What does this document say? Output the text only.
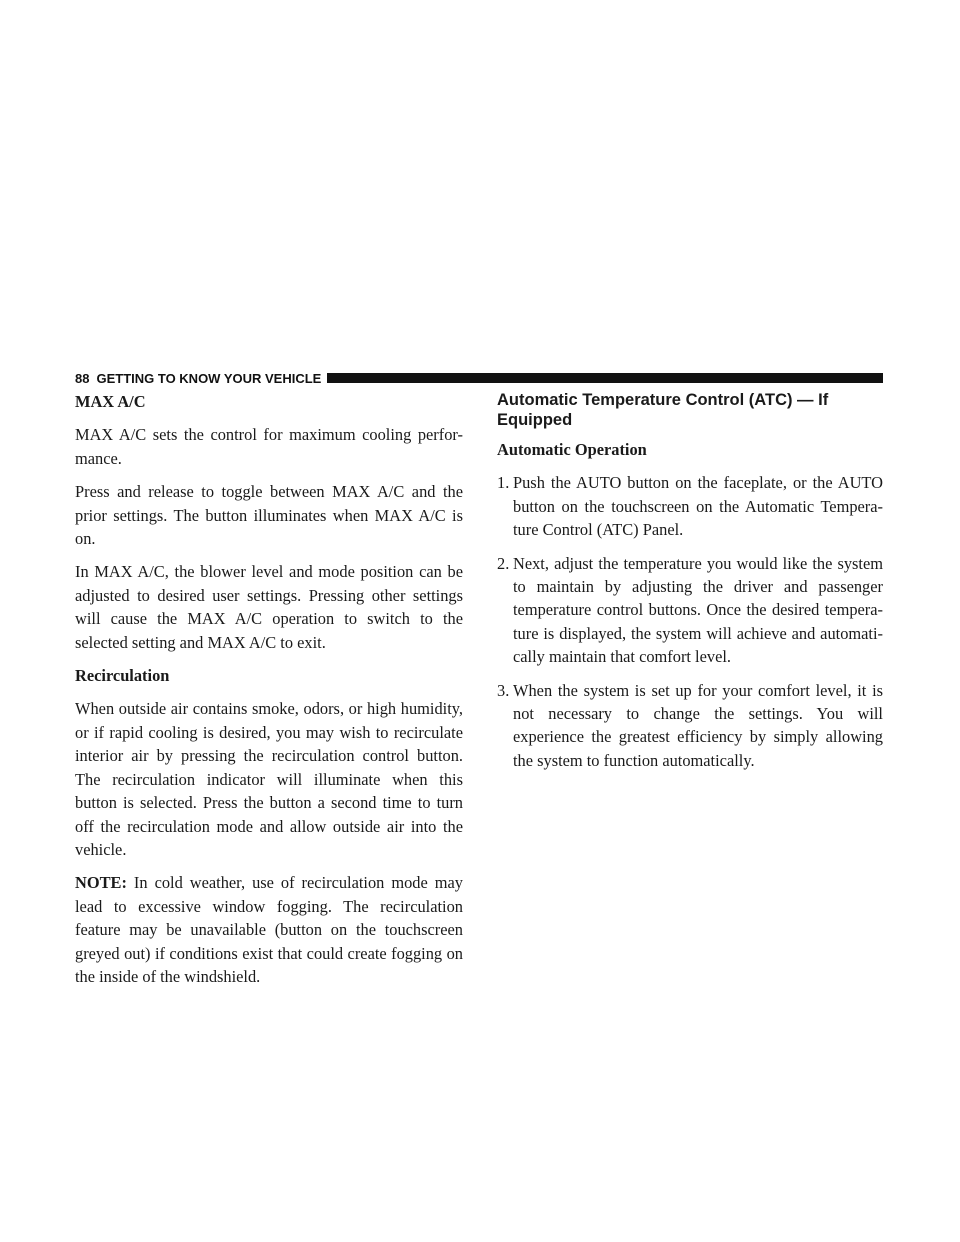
88 GETTING TO KNOW YOUR VEHICLE
MAX A/C

MAX A/C sets the control for maximum cooling perfor-mance.

Press and release to toggle between MAX A/C and the prior settings. The button illuminates when MAX A/C is on.

In MAX A/C, the blower level and mode position can be adjusted to desired user settings. Pressing other settings will cause the MAX A/C operation to switch to the selected setting and MAX A/C to exit.

Recirculation

When outside air contains smoke, odors, or high humidity, or if rapid cooling is desired, you may wish to recirculate interior air by pressing the recirculation control button. The recirculation indicator will illuminate when this button is selected. Press the button a second time to turn off the recirculation mode and allow outside air into the vehicle.

NOTE: In cold weather, use of recirculation mode may lead to excessive window fogging. The recirculation feature may be unavailable (button on the touchscreen greyed out) if conditions exist that could create fogging on the inside of the windshield.

Automatic Temperature Control (ATC) — If Equipped
Automatic Operation
1. Push the AUTO button on the faceplate, or the AUTO button on the touchscreen on the Automatic Tempera-ture Control (ATC) Panel.
2. Next, adjust the temperature you would like the system to maintain by adjusting the driver and passenger temperature control buttons. Once the desired tempera-ture is displayed, the system will achieve and automati-cally maintain that comfort level.
3. When the system is set up for your comfort level, it is not necessary to change the settings. You will experience the greatest efficiency by simply allowing the system to function automatically.
